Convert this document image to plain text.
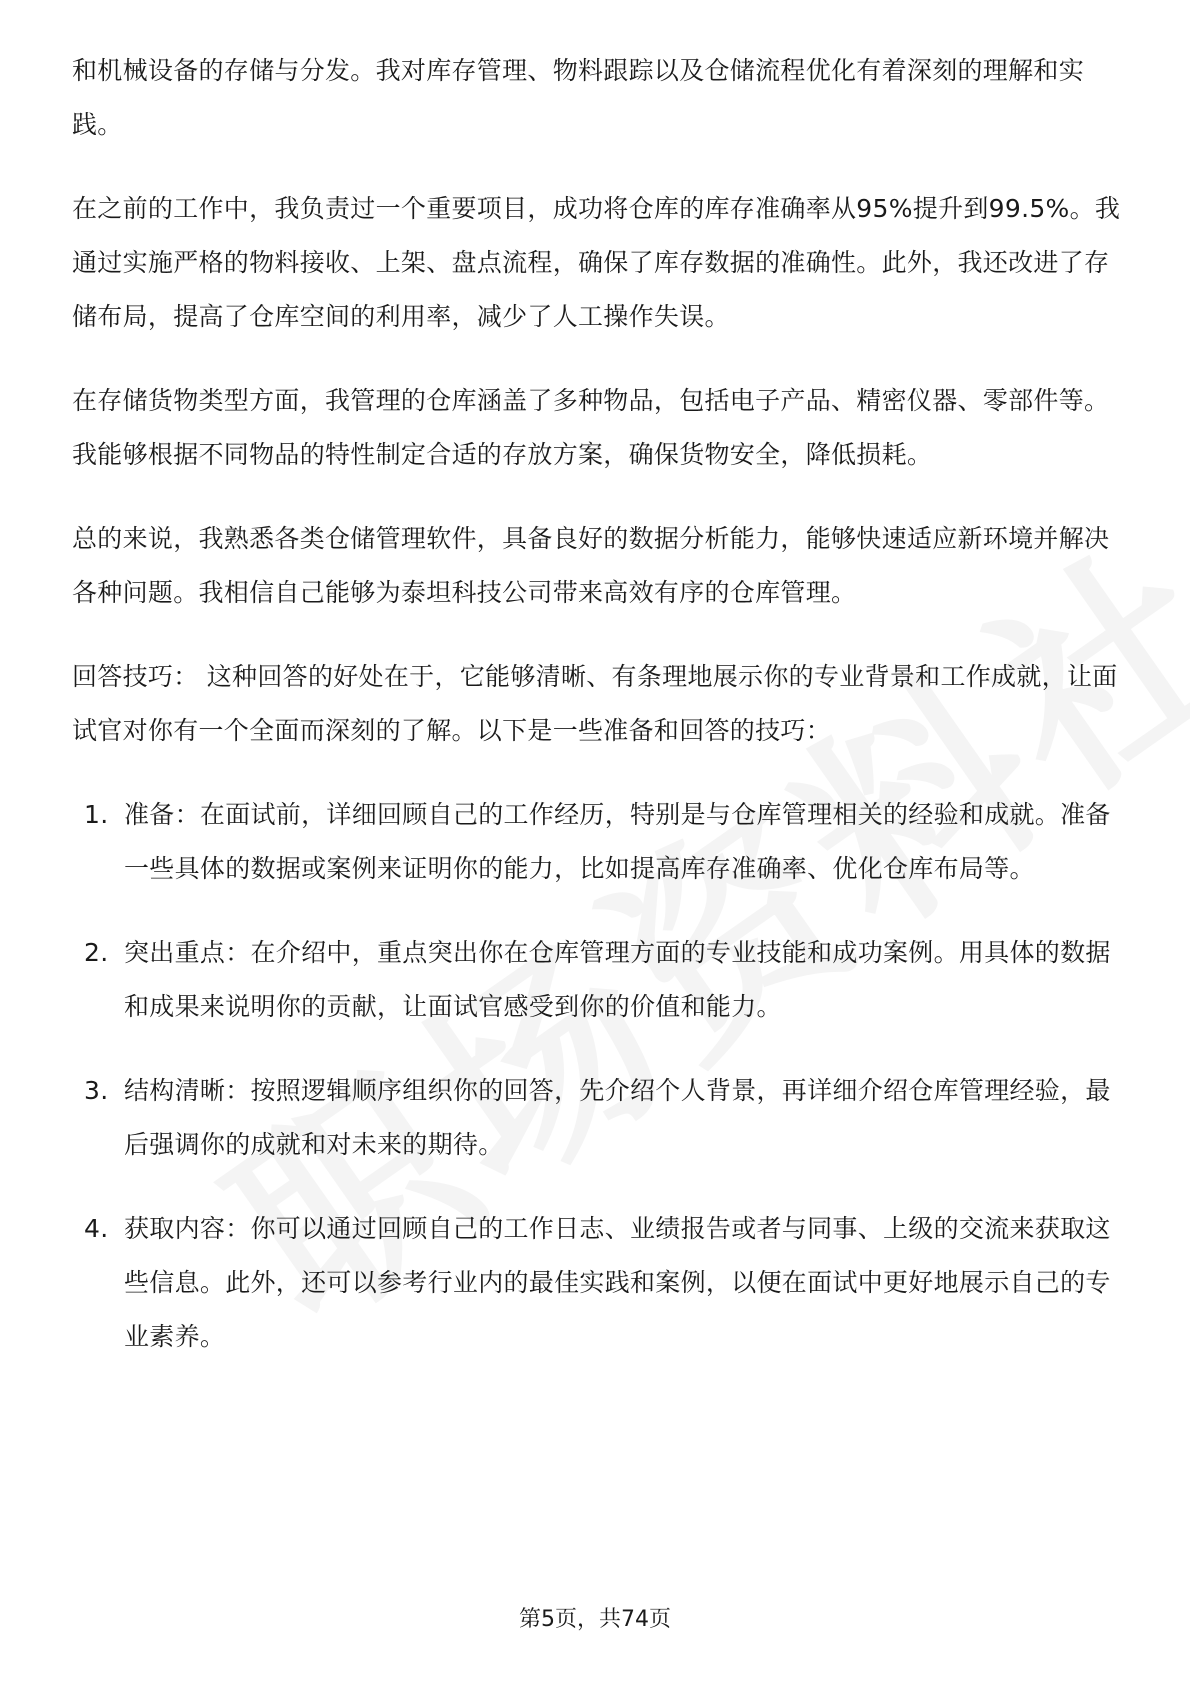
和机械设备的存储与分发。我对库存管理、物料跟踪以及仓储流程优化有着深刻的理解和实践。

在之前的工作中，我负责过一个重要项目，成功将仓库的库存准确率从95%提升到99.5%。我通过实施严格的物料接收、上架、盘点流程，确保了库存数据的准确性。此外，我还改进了存储布局，提高了仓库空间的利用率，减少了人工操作失误。

在存储货物类型方面，我管理的仓库涵盖了多种物品，包括电子产品、精密仪器、零部件等。我能够根据不同物品的特性制定合适的存放方案，确保货物安全，降低损耗。

总的来说，我熟悉各类仓储管理软件，具备良好的数据分析能力，能够快速适应新环境并解决各种问题。我相信自己能够为泰坦科技公司带来高效有序的仓库管理。

回答技巧： 这种回答的好处在于，它能够清晰、有条理地展示你的专业背景和工作成就，让面试官对你有一个全面而深刻的了解。以下是一些准备和回答的技巧：

1. 准备：在面试前，详细回顾自己的工作经历，特别是与仓库管理相关的经验和成就。准备一些具体的数据或案例来证明你的能力，比如提高库存准确率、优化仓库布局等。
2. 突出重点：在介绍中，重点突出你在仓库管理方面的专业技能和成功案例。用具体的数据和成果来说明你的贡献，让面试官感受到你的价值和能力。
3. 结构清晰：按照逻辑顺序组织你的回答，先介绍个人背景，再详细介绍仓库管理经验，最后强调你的成就和对未来的期待。
4. 获取内容：你可以通过回顾自己的工作日志、业绩报告或者与同事、上级的交流来获取这些信息。此外，还可以参考行业内的最佳实践和案例，以便在面试中更好地展示自己的专业素养。
第5页，共74页
